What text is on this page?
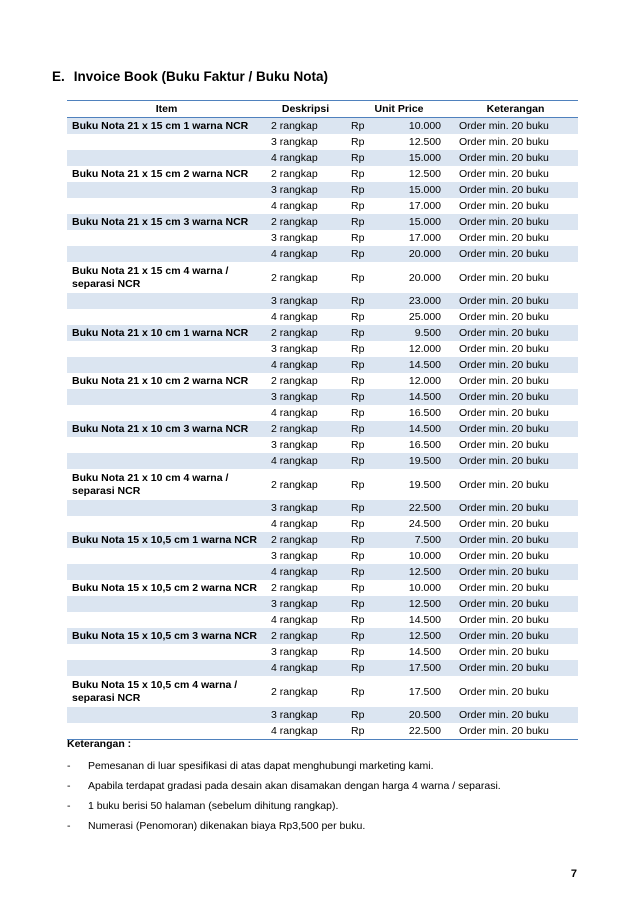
E. Invoice Book (Buku Faktur / Buku Nota)
Item	Deskripsi	Unit Price		Keterangan
Buku Nota 21 x 15 cm 1 warna NCR	2 rangkap	Rp	10.000	Order min. 20 buku
	3 rangkap	Rp	12.500	Order min. 20 buku
	4 rangkap	Rp	15.000	Order min. 20 buku
Buku Nota 21 x 15 cm 2 warna NCR	2 rangkap	Rp	12.500	Order min. 20 buku
	3 rangkap	Rp	15.000	Order min. 20 buku
	4 rangkap	Rp	17.000	Order min. 20 buku
Buku Nota 21 x 15 cm 3 warna NCR	2 rangkap	Rp	15.000	Order min. 20 buku
	3 rangkap	Rp	17.000	Order min. 20 buku
	4 rangkap	Rp	20.000	Order min. 20 buku
Buku Nota 21 x 15 cm 4 warna / separasi NCR	2 rangkap	Rp	20.000	Order min. 20 buku
	3 rangkap	Rp	23.000	Order min. 20 buku
	4 rangkap	Rp	25.000	Order min. 20 buku
Buku Nota 21 x 10 cm 1 warna NCR	2 rangkap	Rp	9.500	Order min. 20 buku
	3 rangkap	Rp	12.000	Order min. 20 buku
	4 rangkap	Rp	14.500	Order min. 20 buku
Buku Nota 21 x 10 cm 2 warna NCR	2 rangkap	Rp	12.000	Order min. 20 buku
	3 rangkap	Rp	14.500	Order min. 20 buku
	4 rangkap	Rp	16.500	Order min. 20 buku
Buku Nota 21 x 10 cm 3 warna NCR	2 rangkap	Rp	14.500	Order min. 20 buku
	3 rangkap	Rp	16.500	Order min. 20 buku
	4 rangkap	Rp	19.500	Order min. 20 buku
Buku Nota 21 x 10 cm 4 warna / separasi NCR	2 rangkap	Rp	19.500	Order min. 20 buku
	3 rangkap	Rp	22.500	Order min. 20 buku
	4 rangkap	Rp	24.500	Order min. 20 buku
Buku Nota 15 x 10,5 cm 1 warna NCR	2 rangkap	Rp	7.500	Order min. 20 buku
	3 rangkap	Rp	10.000	Order min. 20 buku
	4 rangkap	Rp	12.500	Order min. 20 buku
Buku Nota 15 x 10,5 cm 2 warna NCR	2 rangkap	Rp	10.000	Order min. 20 buku
	3 rangkap	Rp	12.500	Order min. 20 buku
	4 rangkap	Rp	14.500	Order min. 20 buku
Buku Nota 15 x 10,5 cm 3 warna NCR	2 rangkap	Rp	12.500	Order min. 20 buku
	3 rangkap	Rp	14.500	Order min. 20 buku
	4 rangkap	Rp	17.500	Order min. 20 buku
Buku Nota 15 x 10,5 cm 4 warna / separasi NCR	2 rangkap	Rp	17.500	Order min. 20 buku
	3 rangkap	Rp	20.500	Order min. 20 buku
	4 rangkap	Rp	22.500	Order min. 20 buku
Keterangan :
- Pemesanan di luar spesifikasi di atas dapat menghubungi marketing kami.
- Apabila terdapat gradasi pada desain akan disamakan dengan harga 4 warna / separasi.
- 1 buku berisi 50 halaman (sebelum dihitung rangkap).
- Numerasi (Penomoran) dikenakan biaya Rp3,500 per buku.
7
